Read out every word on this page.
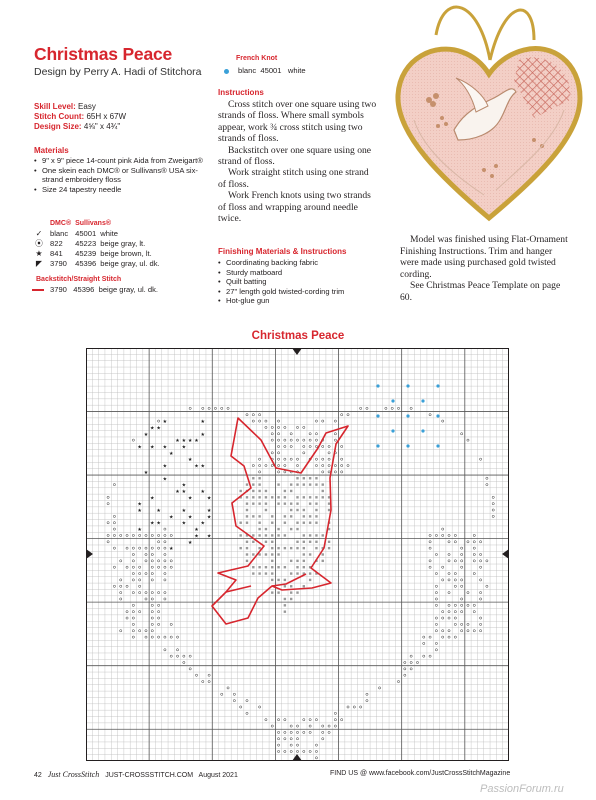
Christmas Peace
Design by Perry A. Hadi of Stitchora
Skill Level: Easy
Stitch Count: 65H x 67W
Design Size: 4⅝" x 4¾"
Materials
• 9" x 9" piece 14-count pink Aida from Zweigart®
• One skein each DMC® or Sullivans® USA six-strand embroidery floss
• Size 24 tapestry needle
	DMC®	Sullivans®	
✓	blanc	45001	white
⦿	822	45223	beige gray, lt.
★	841	45239	beige brown, lt.
◤	3790	45396	beige gray, ul. dk.
Backstitch/Straight Stitch
3790 45396 beige gray, ul. dk.
French Knot
blanc 45001 white
Instructions

Cross stitch over one square using two strands of floss. Where small symbols appear, work ¾ cross stitch using two strands of floss.

Backstitch over one square using one strand of floss.

Work straight stitch using one strand of floss.

Work French knots using two strands of floss and wrapping around needle twice.

Finishing Materials & Instructions
• Coordinating backing fabric
• Sturdy matboard
• Quilt batting
• 27" length gold twisted-cording trim
• Hot-glue gun

Model was finished using Flat-Ornament Finishing Instructions. Trim and hanger were made using purchased gold twisted cording.

See Christmas Peace Template on page 60.

Christmas Peace
★	★
★ ★
★	★
★ ★ ★ ★
★ ★ ★	★
★
★
★	★ ★
★
★
★
★ ★	★
★	★	★
★
★	★	★	★
★	★	★
★ ★	★	★
★	★
★ ★
★
★
42 Just CrossStitch JUST-CROSSSTITCH.COM August 2021	FIND US @ www.facebook.com/JustCrossStitchMagazine
PassionForum.ru
